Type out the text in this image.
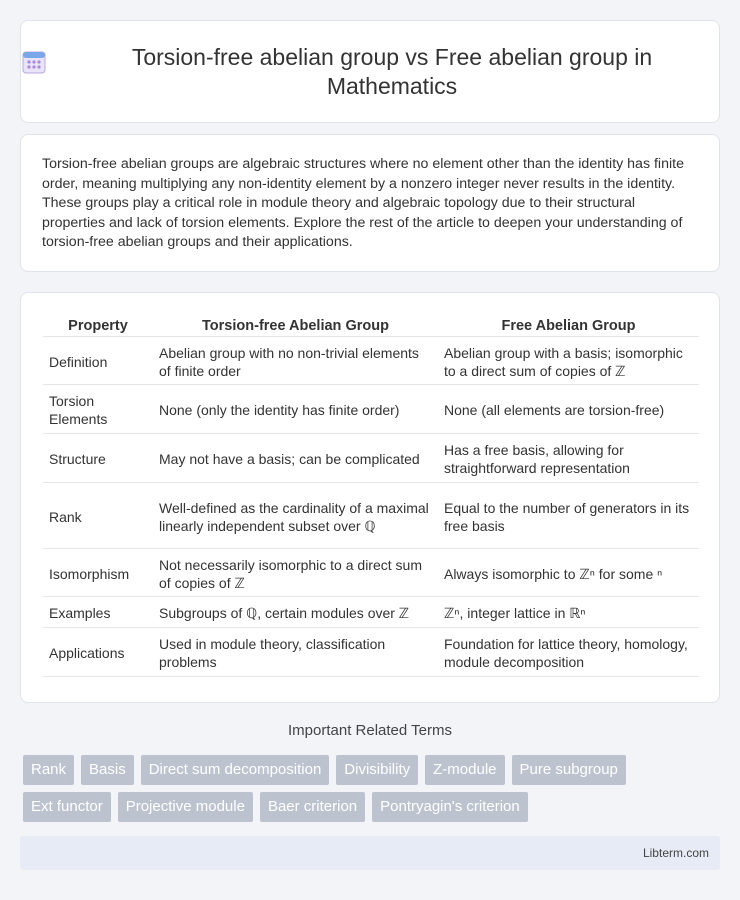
Torsion-free abelian group vs Free abelian group in Mathematics

Torsion-free abelian groups are algebraic structures where no element other than the identity has finite order, meaning multiplying any non-identity element by a nonzero integer never results in the identity. These groups play a critical role in module theory and algebraic topology due to their structural properties and lack of torsion elements. Explore the rest of the article to deepen your understanding of torsion-free abelian groups and their applications.

Property	Torsion-free Abelian Group	Free Abelian Group
Definition	Abelian group with no non-trivial elements of finite order	Abelian group with a basis; isomorphic to a direct sum of copies of ℤ
Torsion Elements	None (only the identity has finite order)	None (all elements are torsion-free)
Structure	May not have a basis; can be complicated	Has a free basis, allowing for straightforward representation
Rank	Well-defined as the cardinality of a maximal linearly independent subset over ℚ	Equal to the number of generators in its free basis
Isomorphism	Not necessarily isomorphic to a direct sum of copies of ℤ	Always isomorphic to ℤⁿ for some ⁿ
Examples	Subgroups of ℚ, certain modules over ℤ	ℤⁿ, integer lattice in ℝⁿ
Applications	Used in module theory, classification problems	Foundation for lattice theory, homology, module decomposition
Important Related Terms
Rank	Basis	Direct sum decomposition	Divisibility	Z-module	Pure subgroup
Ext functor	Projective module	Baer criterion	Pontryagin's criterion
Libterm.com
